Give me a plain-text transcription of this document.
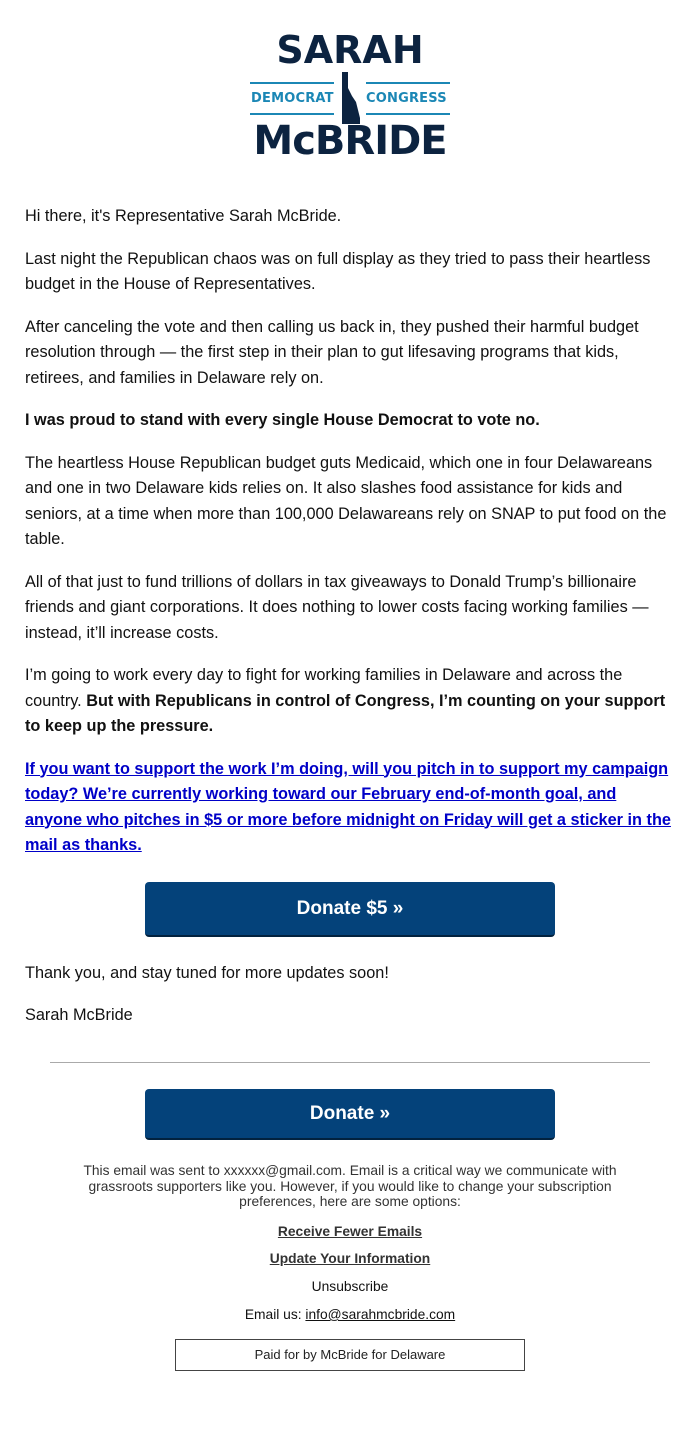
SARAH
DEMOCRAT CONGRESS
McBRIDE

Hi there, it's Representative Sarah McBride.

Last night the Republican chaos was on full display as they tried to pass their heartless budget in the House of Representatives.

After canceling the vote and then calling us back in, they pushed their harmful budget resolution through — the first step in their plan to gut lifesaving programs that kids, retirees, and families in Delaware rely on.

I was proud to stand with every single House Democrat to vote no.

The heartless House Republican budget guts Medicaid, which one in four Delawareans and one in two Delaware kids relies on. It also slashes food assistance for kids and seniors, at a time when more than 100,000 Delawareans rely on SNAP to put food on the table.

All of that just to fund trillions of dollars in tax giveaways to Donald Trump’s billionaire friends and giant corporations. It does nothing to lower costs facing working families — instead, it’ll increase costs.

I’m going to work every day to fight for working families in Delaware and across the country. But with Republicans in control of Congress, I’m counting on your support to keep up the pressure.

If you want to support the work I’m doing, will you pitch in to support my campaign today? We’re currently working toward our February end-of-month goal, and anyone who pitches in $5 or more before midnight on Friday will get a sticker in the mail as thanks.

Donate $5 »
Thank you, and stay tuned for more updates soon!
Sarah McBride
Donate »
This email was sent to xxxxxx@gmail.com. Email is a critical way we communicate with grassroots supporters like you. However, if you would like to change your subscription preferences, here are some options:
Receive Fewer Emails
Update Your Information
Unsubscribe
Email us: info@sarahmcbride.com
Paid for by McBride for Delaware
